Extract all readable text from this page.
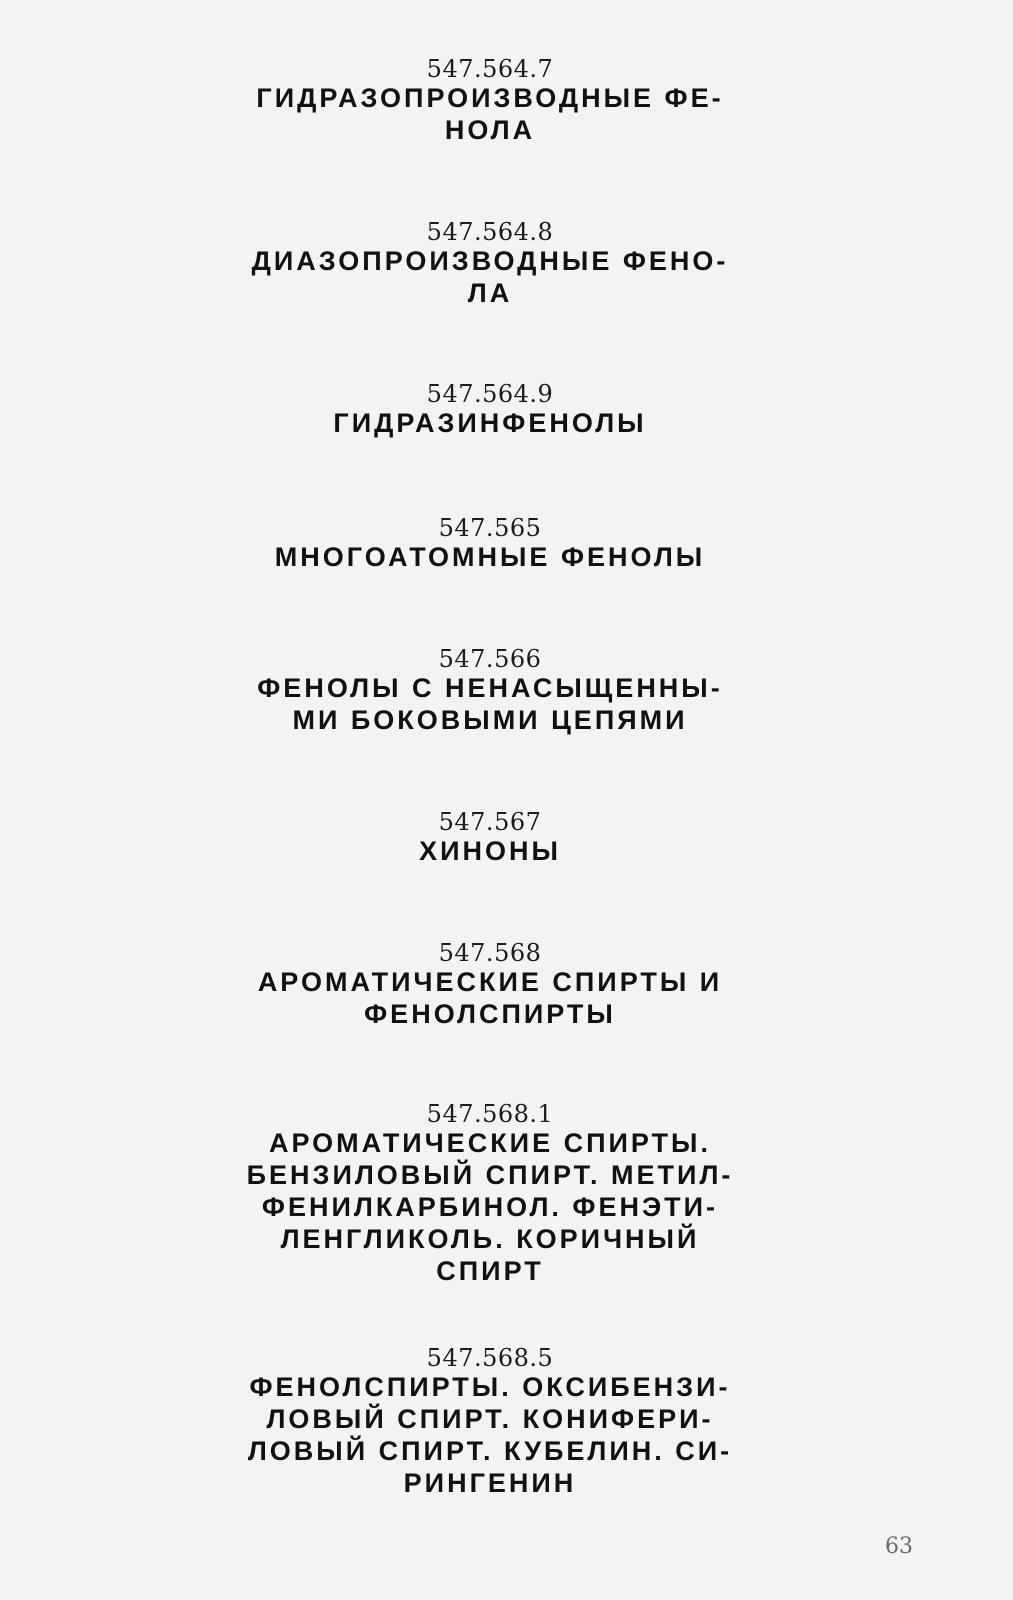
547.564.7
ГИДРАЗОПРОИЗВОДНЫЕ ФЕ-
НОЛА
547.564.8
ДИАЗОПРОИЗВОДНЫЕ ФЕНО-
ЛА
547.564.9
ГИДРАЗИНФЕНОЛЫ
547.565
МНОГОАТОМНЫЕ ФЕНОЛЫ
547.566
ФЕНОЛЫ С НЕНАСЫЩЕННЫ-
МИ БОКОВЫМИ ЦЕПЯМИ
547.567
ХИНОНЫ
547.568
АРОМАТИЧЕСКИЕ СПИРТЫ И
ФЕНОЛСПИРТЫ
547.568.1
АРОМАТИЧЕСКИЕ СПИРТЫ.
БЕНЗИЛОВЫЙ СПИРТ. МЕТИЛ-
ФЕНИЛКАРБИНОЛ. ФЕНЭТИ-
ЛЕНГЛИКОЛЬ. КОРИЧНЫЙ
СПИРТ
547.568.5
ФЕНОЛСПИРТЫ. ОКСИБЕНЗИ-
ЛОВЫЙ СПИРТ. КОНИФЕРИ-
ЛОВЫЙ СПИРТ. КУБЕЛИН. СИ-
РИНГЕНИН
63
